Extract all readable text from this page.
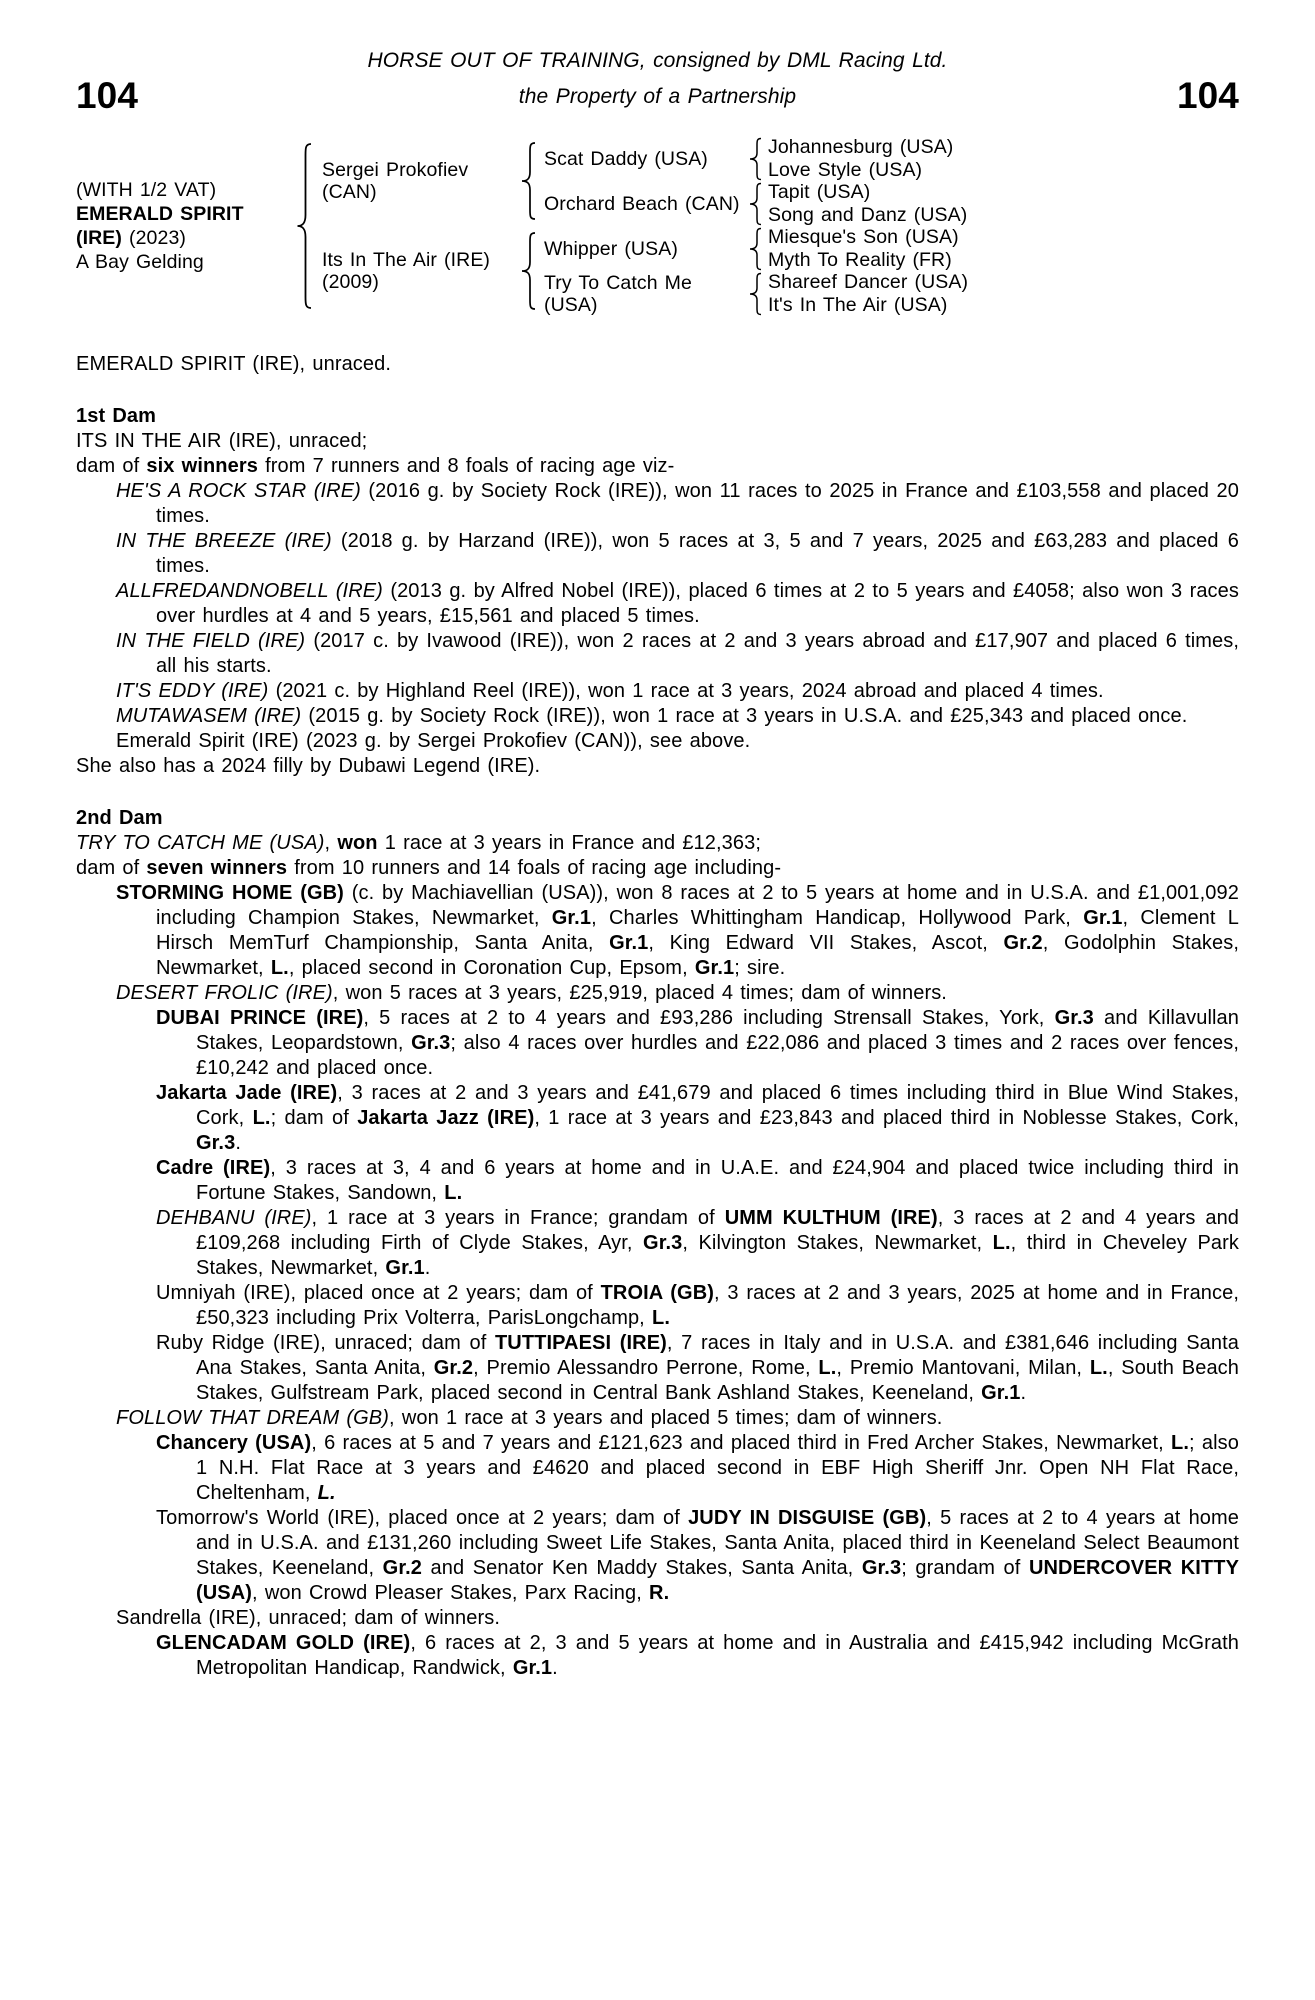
HORSE OUT OF TRAINING, consigned by DML Racing Ltd.
104	the Property of a Partnership	104
(WITH 1/2 VAT)
EMERALD SPIRIT
(IRE) (2023)
A Bay Gelding
Sergei Prokofiev (CAN)
Its In The Air (IRE) (2009)
Scat Daddy (USA)
Orchard Beach (CAN)
Whipper (USA)
Try To Catch Me (USA)
Johannesburg (USA)
Love Style (USA)
Tapit (USA)
Song and Danz (USA)
Miesque's Son (USA)
Myth To Reality (FR)
Shareef Dancer (USA)
It's In The Air (USA)

EMERALD SPIRIT (IRE), unraced.

1st Dam

ITS IN THE AIR (IRE), unraced;

dam of six winners from 7 runners and 8 foals of racing age viz-

HE'S A ROCK STAR (IRE) (2016 g. by Society Rock (IRE)), won 11 races to 2025 in France and £103,558 and placed 20 times.

IN THE BREEZE (IRE) (2018 g. by Harzand (IRE)), won 5 races at 3, 5 and 7 years, 2025 and £63,283 and placed 6 times.

ALLFREDANDNOBELL (IRE) (2013 g. by Alfred Nobel (IRE)), placed 6 times at 2 to 5 years and £4058; also won 3 races over hurdles at 4 and 5 years, £15,561 and placed 5 times.

IN THE FIELD (IRE) (2017 c. by Ivawood (IRE)), won 2 races at 2 and 3 years abroad and £17,907 and placed 6 times, all his starts.

IT'S EDDY (IRE) (2021 c. by Highland Reel (IRE)), won 1 race at 3 years, 2024 abroad and placed 4 times.

MUTAWASEM (IRE) (2015 g. by Society Rock (IRE)), won 1 race at 3 years in U.S.A. and £25,343 and placed once.

Emerald Spirit (IRE) (2023 g. by Sergei Prokofiev (CAN)), see above.

She also has a 2024 filly by Dubawi Legend (IRE).

2nd Dam

TRY TO CATCH ME (USA), won 1 race at 3 years in France and £12,363;

dam of seven winners from 10 runners and 14 foals of racing age including-

STORMING HOME (GB) (c. by Machiavellian (USA)), won 8 races at 2 to 5 years at home and in U.S.A. and £1,001,092 including Champion Stakes, Newmarket, Gr.1, Charles Whittingham Handicap, Hollywood Park, Gr.1, Clement L Hirsch MemTurf Championship, Santa Anita, Gr.1, King Edward VII Stakes, Ascot, Gr.2, Godolphin Stakes, Newmarket, L., placed second in Coronation Cup, Epsom, Gr.1; sire.

DESERT FROLIC (IRE), won 5 races at 3 years, £25,919, placed 4 times; dam of winners.

DUBAI PRINCE (IRE), 5 races at 2 to 4 years and £93,286 including Strensall Stakes, York, Gr.3 and Killavullan Stakes, Leopardstown, Gr.3; also 4 races over hurdles and £22,086 and placed 3 times and 2 races over fences, £10,242 and placed once.

Jakarta Jade (IRE), 3 races at 2 and 3 years and £41,679 and placed 6 times including third in Blue Wind Stakes, Cork, L.; dam of Jakarta Jazz (IRE), 1 race at 3 years and £23,843 and placed third in Noblesse Stakes, Cork, Gr.3.

Cadre (IRE), 3 races at 3, 4 and 6 years at home and in U.A.E. and £24,904 and placed twice including third in Fortune Stakes, Sandown, L.

DEHBANU (IRE), 1 race at 3 years in France; grandam of UMM KULTHUM (IRE), 3 races at 2 and 4 years and £109,268 including Firth of Clyde Stakes, Ayr, Gr.3, Kilvington Stakes, Newmarket, L., third in Cheveley Park Stakes, Newmarket, Gr.1.

Umniyah (IRE), placed once at 2 years; dam of TROIA (GB), 3 races at 2 and 3 years, 2025 at home and in France, £50,323 including Prix Volterra, ParisLongchamp, L.

Ruby Ridge (IRE), unraced; dam of TUTTIPAESI (IRE), 7 races in Italy and in U.S.A. and £381,646 including Santa Ana Stakes, Santa Anita, Gr.2, Premio Alessandro Perrone, Rome, L., Premio Mantovani, Milan, L., South Beach Stakes, Gulfstream Park, placed second in Central Bank Ashland Stakes, Keeneland, Gr.1.

FOLLOW THAT DREAM (GB), won 1 race at 3 years and placed 5 times; dam of winners.

Chancery (USA), 6 races at 5 and 7 years and £121,623 and placed third in Fred Archer Stakes, Newmarket, L.; also 1 N.H. Flat Race at 3 years and £4620 and placed second in EBF High Sheriff Jnr. Open NH Flat Race, Cheltenham, L.

Tomorrow's World (IRE), placed once at 2 years; dam of JUDY IN DISGUISE (GB), 5 races at 2 to 4 years at home and in U.S.A. and £131,260 including Sweet Life Stakes, Santa Anita, placed third in Keeneland Select Beaumont Stakes, Keeneland, Gr.2 and Senator Ken Maddy Stakes, Santa Anita, Gr.3; grandam of UNDERCOVER KITTY (USA), won Crowd Pleaser Stakes, Parx Racing, R.

Sandrella (IRE), unraced; dam of winners.

GLENCADAM GOLD (IRE), 6 races at 2, 3 and 5 years at home and in Australia and £415,942 including McGrath Metropolitan Handicap, Randwick, Gr.1.
